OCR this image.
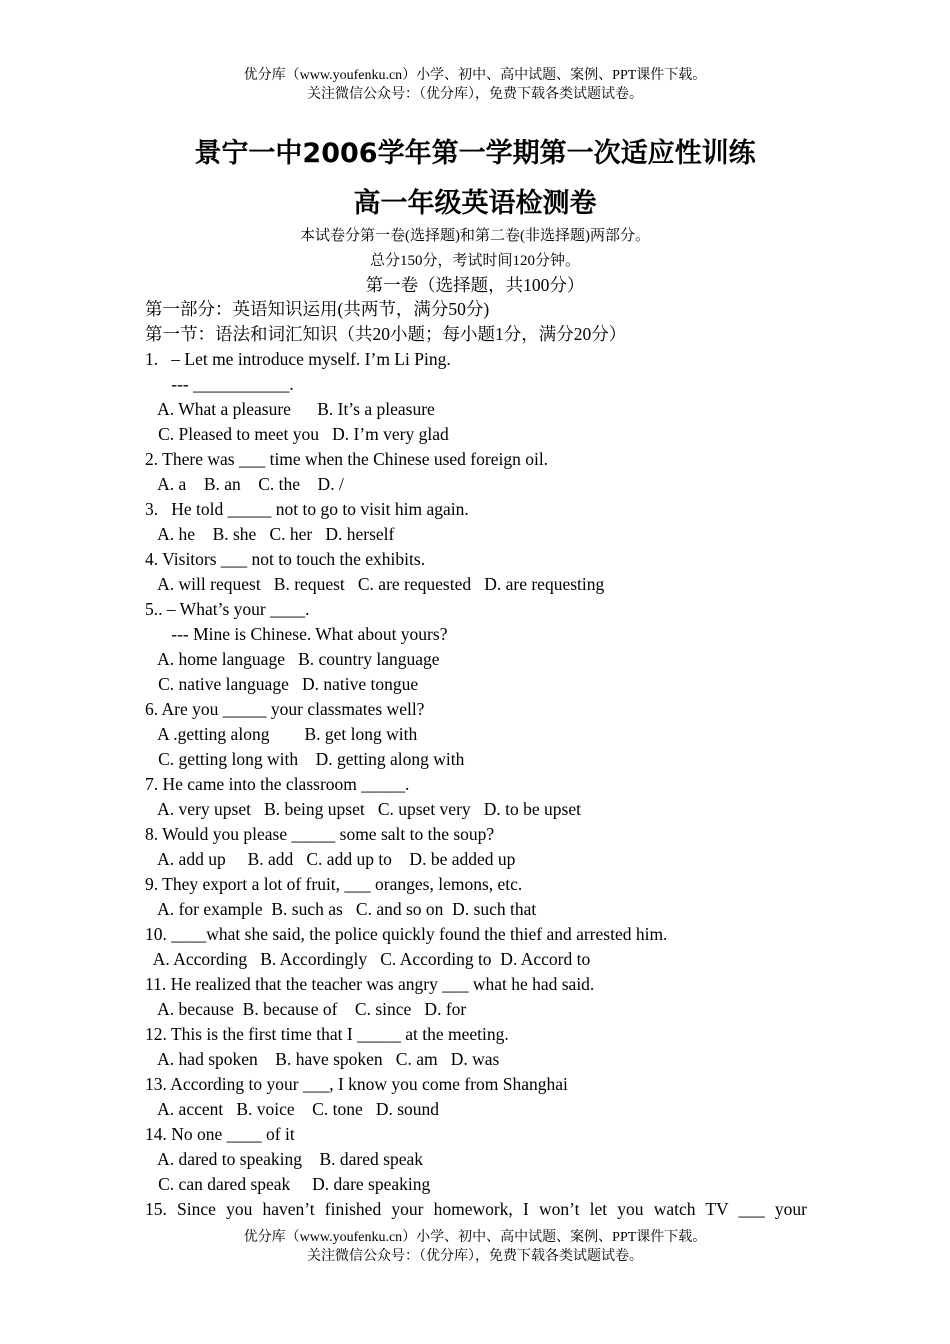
优分库（www.youfenku.cn）小学、初中、高中试题、案例、PPT课件下载。
关注微信公众号：（优分库），免费下载各类试题试卷。
景宁一中2006学年第一学期第一次适应性训练
高一年级英语检测卷
本试卷分第一卷(选择题)和第二卷(非选择题)两部分。
总分150分，考试时间120分钟。
第一卷（选择题，共100分）
第一部分：英语知识运用(共两节，满分50分)
第一节：语法和词汇知识（共20小题；每小题1分，满分20分）
1.   – Let me introduce myself. I’m Li Ping.
--- ___________.
A. What a pleasure      B. It’s a pleasure
C. Pleased to meet you   D. I’m very glad
2. There was ___ time when the Chinese used foreign oil.
A. a    B. an    C. the    D. /
3.   He told _____ not to go to visit him again.
A. he    B. she   C. her   D. herself
4. Visitors ___ not to touch the exhibits.
A. will request   B. request   C. are requested   D. are requesting
5.. – What’s your ____.
--- Mine is Chinese. What about yours?
A. home language   B. country language
C. native language   D. native tongue
6. Are you _____ your classmates well?
A .getting along        B. get long with
C. getting long with    D. getting along with
7. He came into the classroom _____.
A. very upset   B. being upset   C. upset very   D. to be upset
8. Would you please _____ some salt to the soup?
A. add up     B. add   C. add up to    D. be added up
9. They export a lot of fruit, ___ oranges, lemons, etc.
A. for example  B. such as   C. and so on  D. such that
10. ____what she said, the police quickly found the thief and arrested him.
A. According   B. Accordingly   C. According to  D. Accord to
11. He realized that the teacher was angry ___ what he had said.
A. because  B. because of    C. since   D. for
12. This is the first time that I _____ at the meeting.
A. had spoken    B. have spoken   C. am   D. was
13. According to your ___, I know you come from Shanghai
A. accent   B. voice    C. tone   D. sound
14. No one ____ of it
A. dared to speaking    B. dared speak
C. can dared speak     D. dare speaking
15. Since you haven’t finished your homework, I won’t let you watch TV ___ your
优分库（www.youfenku.cn）小学、初中、高中试题、案例、PPT课件下载。
关注微信公众号：（优分库），免费下载各类试题试卷。
